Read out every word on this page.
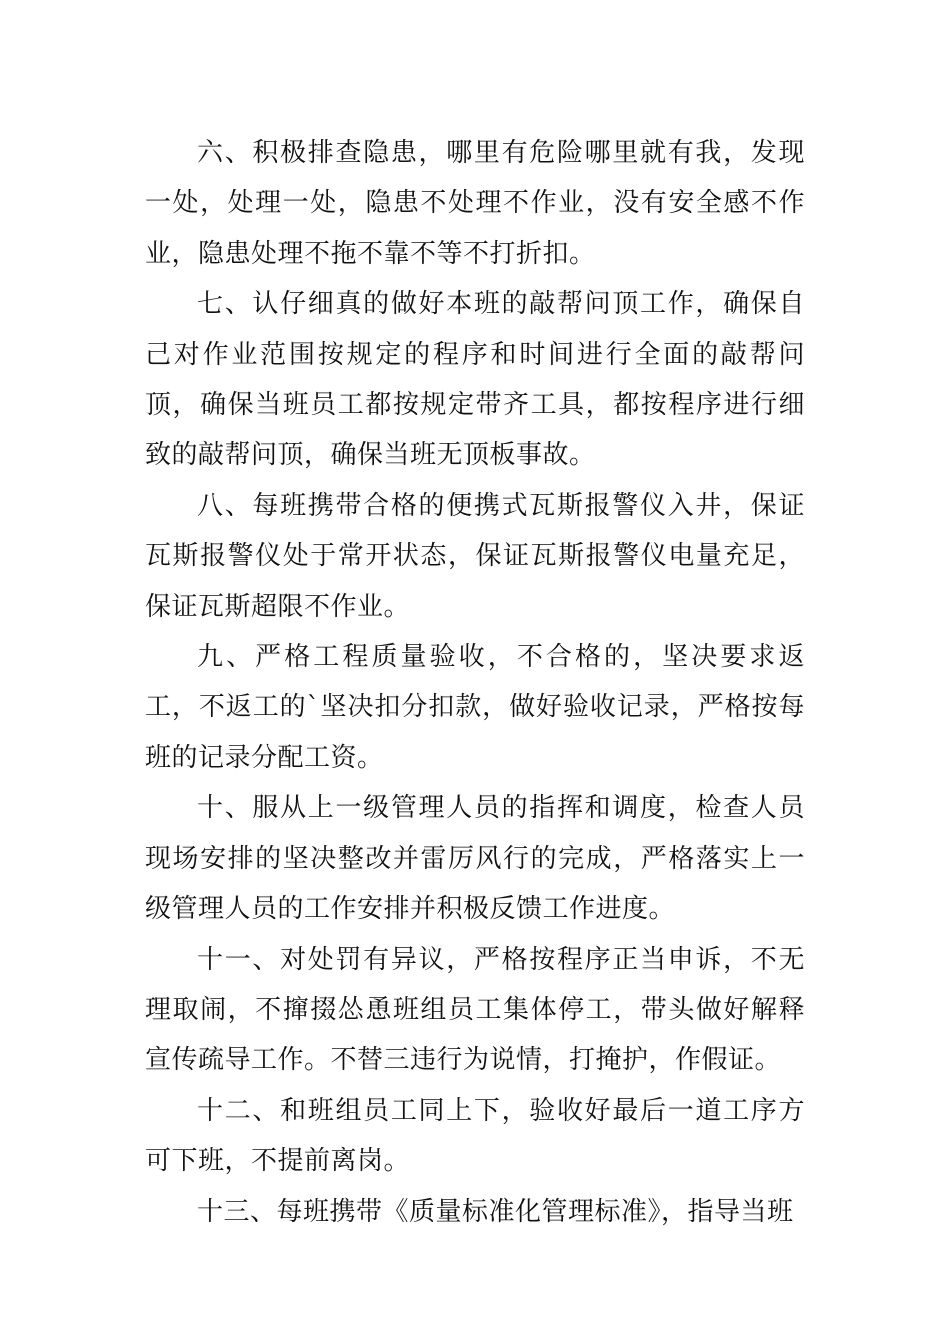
六、积极排查隐患，哪里有危险哪里就有我，发现一处，处理一处，隐患不处理不作业，没有安全感不作业，隐患处理不拖不靠不等不打折扣。

七、认仔细真的做好本班的敲帮问顶工作，确保自己对作业范围按规定的程序和时间进行全面的敲帮问顶，确保当班员工都按规定带齐工具，都按程序进行细致的敲帮问顶，确保当班无顶板事故。

八、每班携带合格的便携式瓦斯报警仪入井，保证瓦斯报警仪处于常开状态，保证瓦斯报警仪电量充足，保证瓦斯超限不作业。

九、严格工程质量验收，不合格的，坚决要求返工，不返工的`坚决扣分扣款，做好验收记录，严格按每班的记录分配工资。

十、服从上一级管理人员的指挥和调度，检查人员现场安排的坚决整改并雷厉风行的完成，严格落实上一级管理人员的工作安排并积极反馈工作进度。

十一、对处罚有异议，严格按程序正当申诉，不无理取闹，不撺掇怂恿班组员工集体停工，带头做好解释宣传疏导工作。不替三违行为说情，打掩护，作假证。

十二、和班组员工同上下，验收好最后一道工序方可下班，不提前离岗。

十三、每班携带《质量标准化管理标准》，指导当班
